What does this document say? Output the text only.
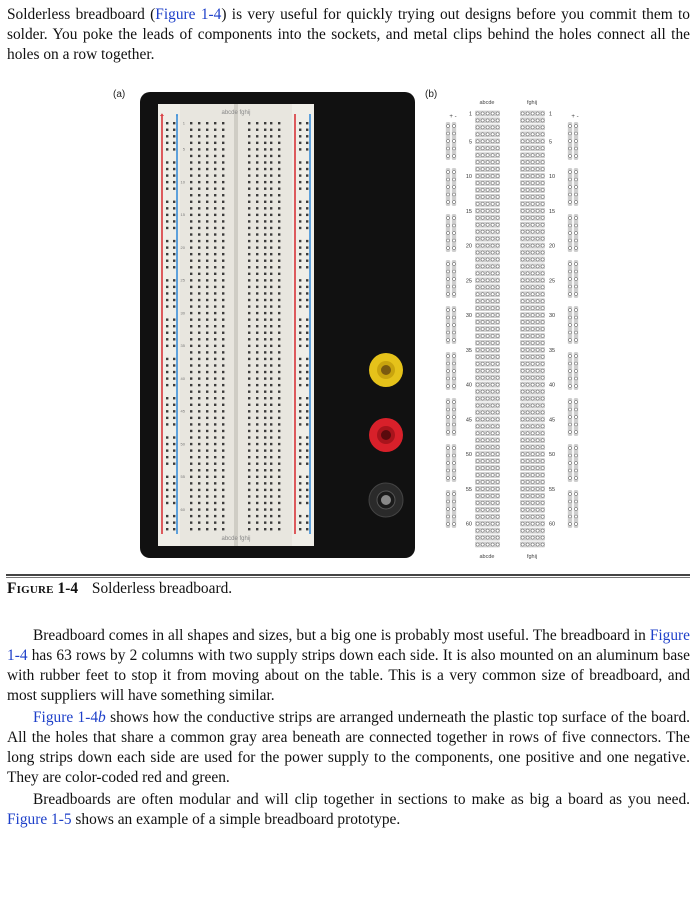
Solderless breadboard (Figure 1-4) is very useful for quickly trying out designs before you commit them to solder. You poke the leads of components into the sockets, and metal clips behind the holes connect all the holes on a row together.

(a)	(b)
1
5
10
15
20
25
30
35
40
45
50
55
60
+ -	abcde fghij
abcde fghij
abcde	fghij
+ -	+ -
1	1
5	5
10	10
15	15
20	20
25	25
30	30
35	35
40	40
45	45
50	50
55	55
60	60
abcde	fghij
Figure 1-4 Solderless breadboard.

Breadboard comes in all shapes and sizes, but a big one is probably most useful. The breadboard in Figure 1-4 has 63 rows by 2 columns with two supply strips down each side. It is also mounted on an aluminum base with rubber feet to stop it from moving about on the table. This is a very common size of breadboard, and most suppliers will have something similar.

Figure 1-4b shows how the conductive strips are arranged underneath the plastic top surface of the board. All the holes that share a common gray area beneath are connected together in rows of five connectors. The long strips down each side are used for the power supply to the components, one positive and one negative. They are color-coded red and green.

Breadboards are often modular and will clip together in sections to make as big a board as you need. Figure 1-5 shows an example of a simple breadboard prototype.
